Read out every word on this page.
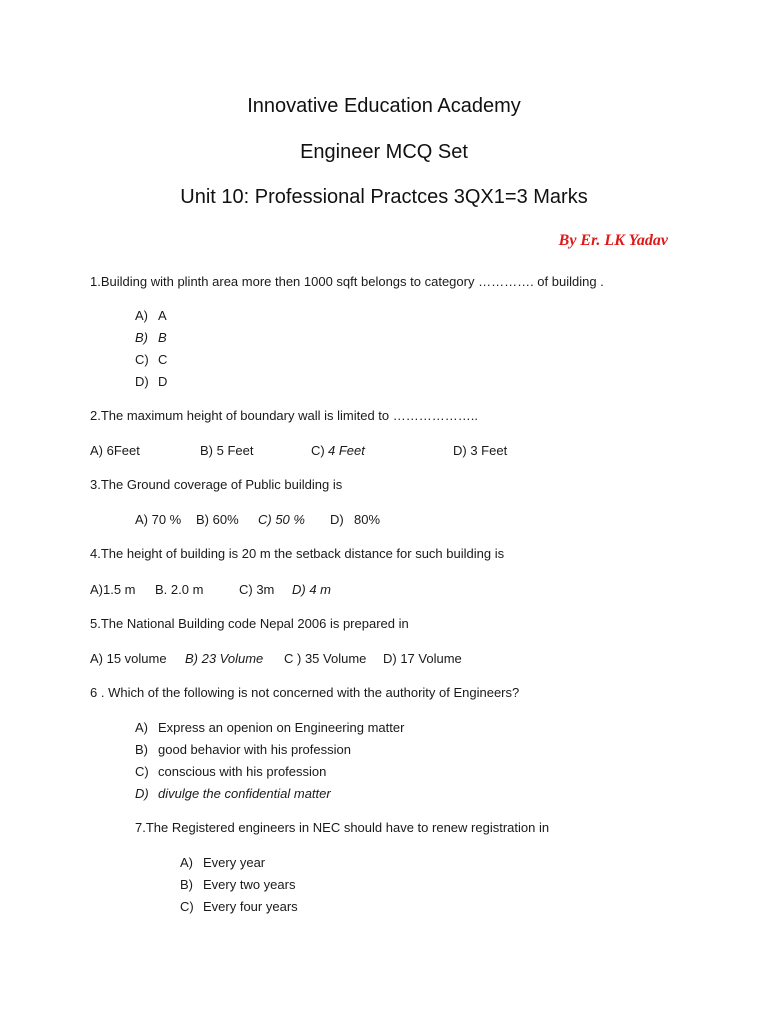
Innovative Education Academy
Engineer MCQ Set
Unit 10: Professional Practces 3QX1=3 Marks
By Er. LK Yadav
1.Building with plinth area more then 1000 sqft belongs to category …………. of building .
A) A
B) B
C) C
D) D
2.The maximum height of boundary wall is limited to ………………..
A) 6Feet	B) 5 Feet	C) 4 Feet	D) 3 Feet
3.The Ground coverage of Public building is
A) 70 % B) 60% C) 50 % D) 80%
4.The height of building is 20 m the setback distance for such building is
A)1.5 m B. 2.0 m	C) 3m D) 4 m
5.The National Building code Nepal 2006 is prepared in
A) 15 volume B) 23 Volume C ) 35 Volume D) 17 Volume
6 . Which of the following is not concerned with the authority of Engineers?
A) Express an openion on Engineering matter
B) good behavior with his profession
C) conscious with his profession
D) divulge the confidential matter
7.The Registered engineers in NEC should have to renew registration in
A) Every year
B) Every two years
C) Every four years
